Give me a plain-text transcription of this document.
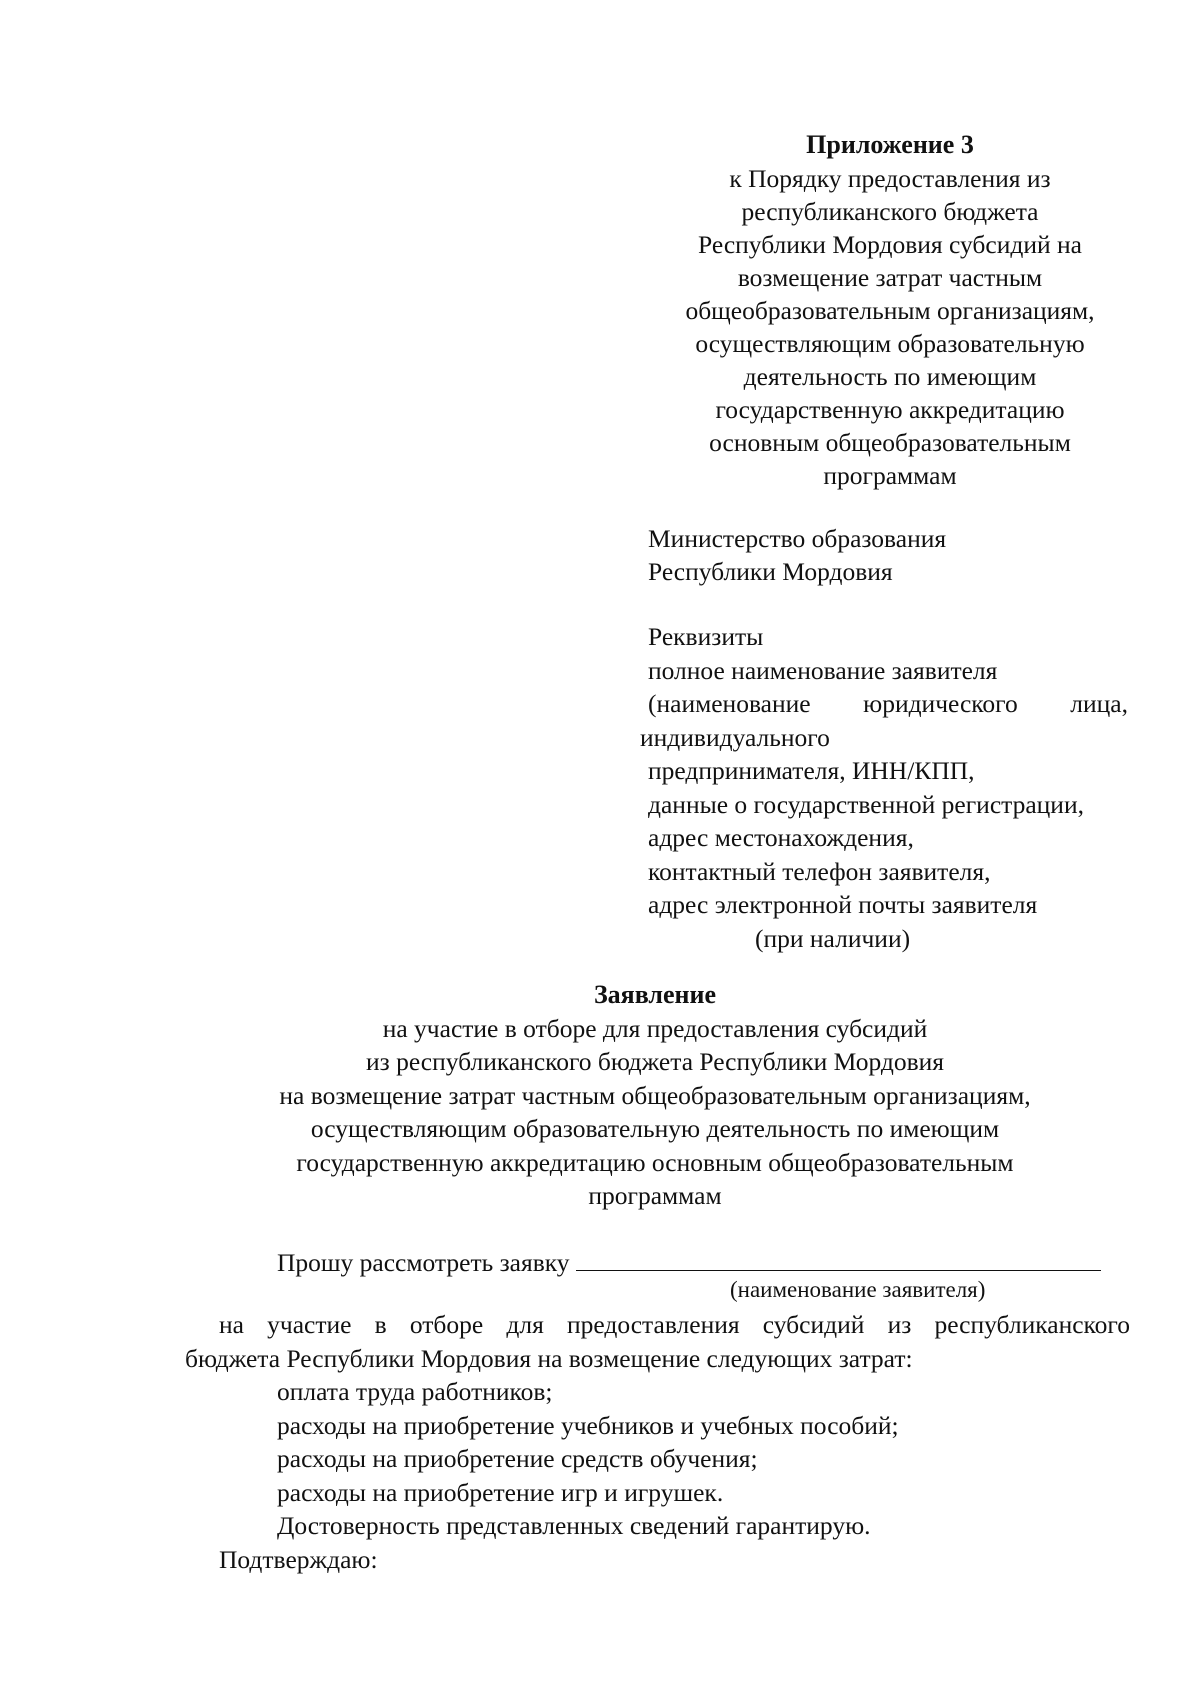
Приложение 3
к Порядку предоставления из
республиканского бюджета
Республики Мордовия субсидий на
возмещение затрат частным
общеобразовательным организациям,
осуществляющим образовательную
деятельность по имеющим
государственную аккредитацию
основным общеобразовательным
программам
Министерство образования
Республики Мордовия
Реквизиты
полное наименование заявителя
(наименование юридического лица,
индивидуального
предпринимателя, ИНН/КПП,
данные о государственной регистрации,
адрес местонахождения,
контактный телефон заявителя,
адрес электронной почты заявителя
(при наличии)
Заявление
на участие в отборе для предоставления субсидий
из республиканского бюджета Республики Мордовия
на возмещение затрат частным общеобразовательным организациям,
осуществляющим образовательную деятельность по имеющим
государственную аккредитацию основным общеобразовательным
программам
Прошу рассмотреть заявку
(наименование заявителя)
на участие в отборе для предоставления субсидий из республиканского
бюджета Республики Мордовия на возмещение следующих затрат:
оплата труда работников;
расходы на приобретение учебников и учебных пособий;
расходы на приобретение средств обучения;
расходы на приобретение игр и игрушек.
Достоверность представленных сведений гарантирую.
Подтверждаю:
